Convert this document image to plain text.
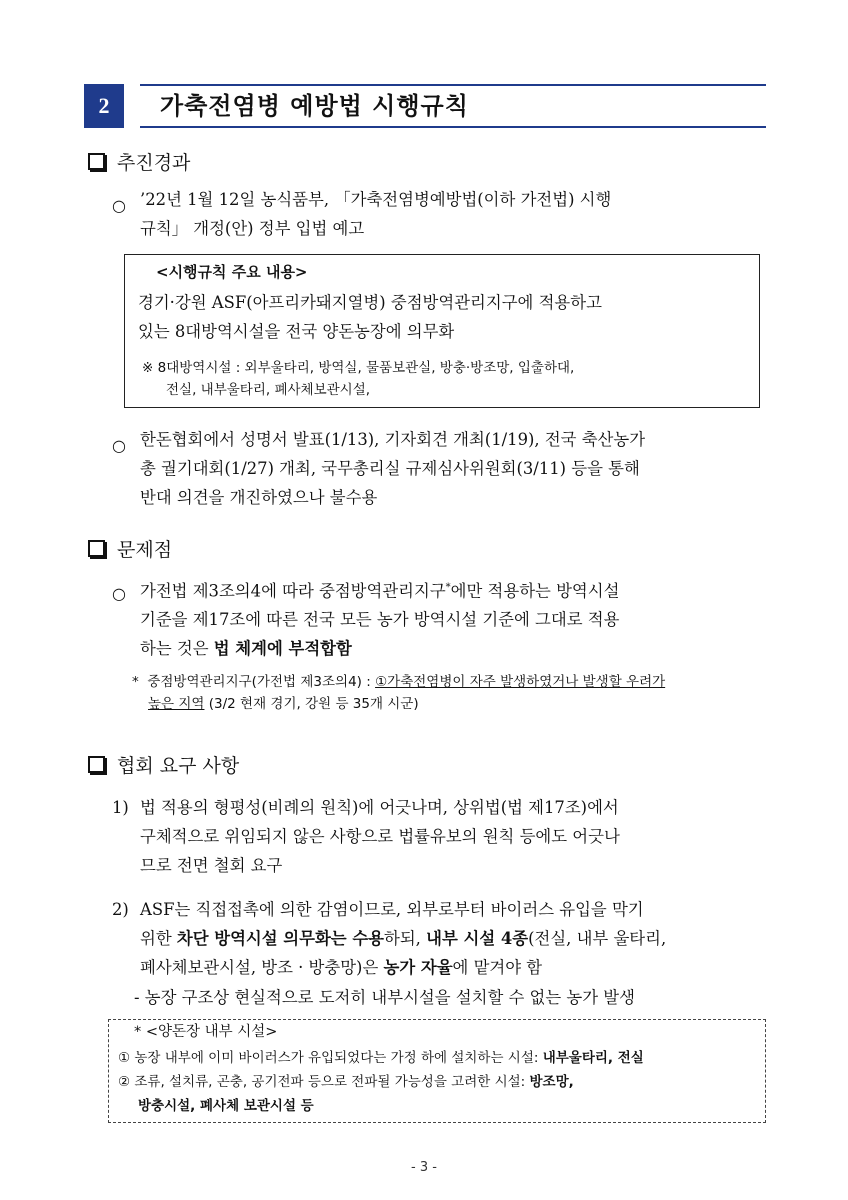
2	가축전염병 예방법 시행규칙
추진경과
○ ’22년 1월 12일 농식품부, 「가축전염병예방법(이하 가전법) 시행
규칙」 개정(안) 정부 입법 예고
<시행규칙 주요 내용>
경기·강원 ASF(아프리카돼지열병) 중점방역관리지구에 적용하고
있는 8대방역시설을 전국 양돈농장에 의무화
※ 8대방역시설 : 외부울타리, 방역실, 물품보관실, 방충·방조망, 입출하대,
전실, 내부울타리, 폐사체보관시설,
○ 한돈협회에서 성명서 발표(1/13), 기자회견 개최(1/19), 전국 축산농가
총 궐기대회(1/27) 개최, 국무총리실 규제심사위원회(3/11) 등을 통해
반대 의견을 개진하였으나 불수용
문제점
○ 가전법 제3조의4에 따라 중점방역관리지구*에만 적용하는 방역시설
기준을 제17조에 따른 전국 모든 농가 방역시설 기준에 그대로 적용
하는 것은 법 체계에 부적합함
* 중점방역관리지구(가전법 제3조의4) : ①가축전염병이 자주 발생하였거나 발생할 우려가
높은 지역 (3/2 현재 경기, 강원 등 35개 시군)
협회 요구 사항
1) 법 적용의 형평성(비례의 원칙)에 어긋나며, 상위법(법 제17조)에서
구체적으로 위임되지 않은 사항으로 법률유보의 원칙 등에도 어긋나
므로 전면 철회 요구
2) ASF는 직접접촉에 의한 감염이므로, 외부로부터 바이러스 유입을 막기
위한 차단 방역시설 의무화는 수용하되, 내부 시설 4종(전실, 내부 울타리,
폐사체보관시설, 방조 · 방충망)은 농가 자율에 맡겨야 함
- 농장 구조상 현실적으로 도저히 내부시설을 설치할 수 없는 농가 발생
* <양돈장 내부 시설>
① 농장 내부에 이미 바이러스가 유입되었다는 가정 하에 설치하는 시설: 내부울타리, 전실
② 조류, 설치류, 곤충, 공기전파 등으로 전파될 가능성을 고려한 시설: 방조망,
방충시설, 폐사체 보관시설 등
- 3 -
